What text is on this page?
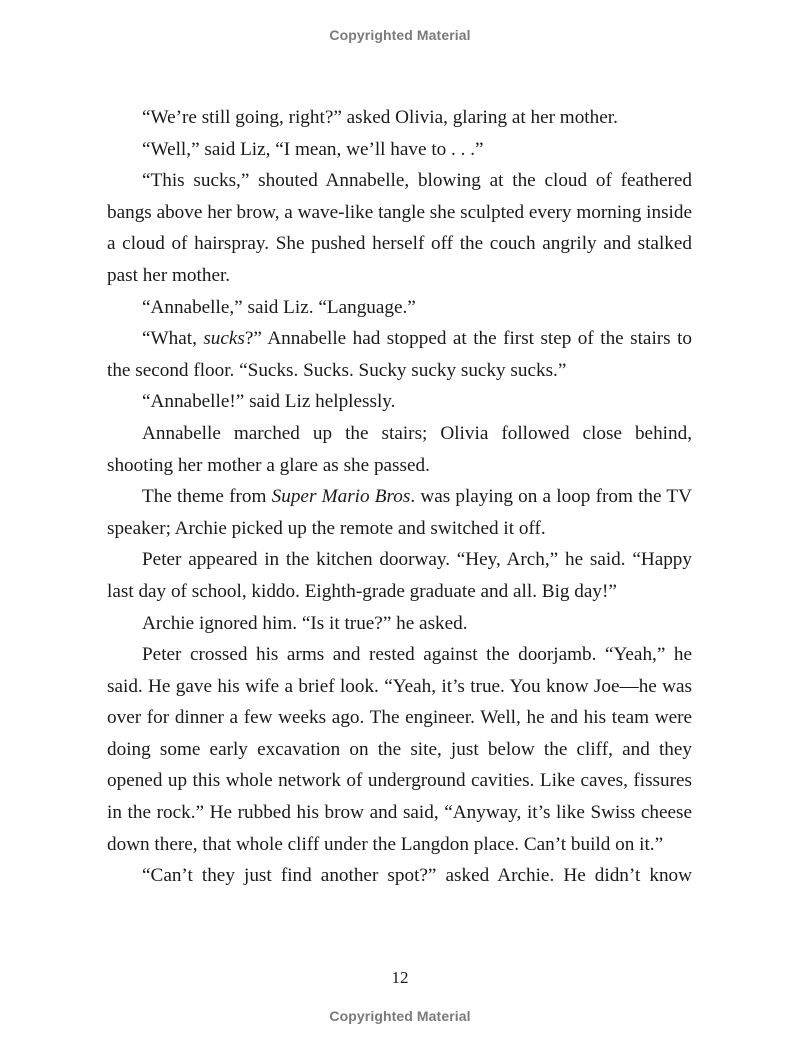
Copyrighted Material

“We’re still going, right?” asked Olivia, glaring at her mother.

“Well,” said Liz, “I mean, we’ll have to . . .”

“This sucks,” shouted Annabelle, blowing at the cloud of feathered bangs above her brow, a wave-like tangle she sculpted every morning inside a cloud of hairspray. She pushed herself off the couch angrily and stalked past her mother.

“Annabelle,” said Liz. “Language.”

“What, sucks?” Annabelle had stopped at the first step of the stairs to the second floor. “Sucks. Sucks. Sucky sucky sucky sucks.”

“Annabelle!” said Liz helplessly.

Annabelle marched up the stairs; Olivia followed close behind, shooting her mother a glare as she passed.

The theme from Super Mario Bros. was playing on a loop from the TV speaker; Archie picked up the remote and switched it off.

Peter appeared in the kitchen doorway. “Hey, Arch,” he said. “Happy last day of school, kiddo. Eighth-grade graduate and all. Big day!”

Archie ignored him. “Is it true?” he asked.

Peter crossed his arms and rested against the doorjamb. “Yeah,” he said. He gave his wife a brief look. “Yeah, it’s true. You know Joe—he was over for dinner a few weeks ago. The engineer. Well, he and his team were doing some early excavation on the site, just below the cliff, and they opened up this whole network of underground cavities. Like caves, fissures in the rock.” He rubbed his brow and said, “Anyway, it’s like Swiss cheese down there, that whole cliff under the Langdon place. Can’t build on it.”

“Can’t they just find another spot?” asked Archie. He didn’t know

12
Copyrighted Material
